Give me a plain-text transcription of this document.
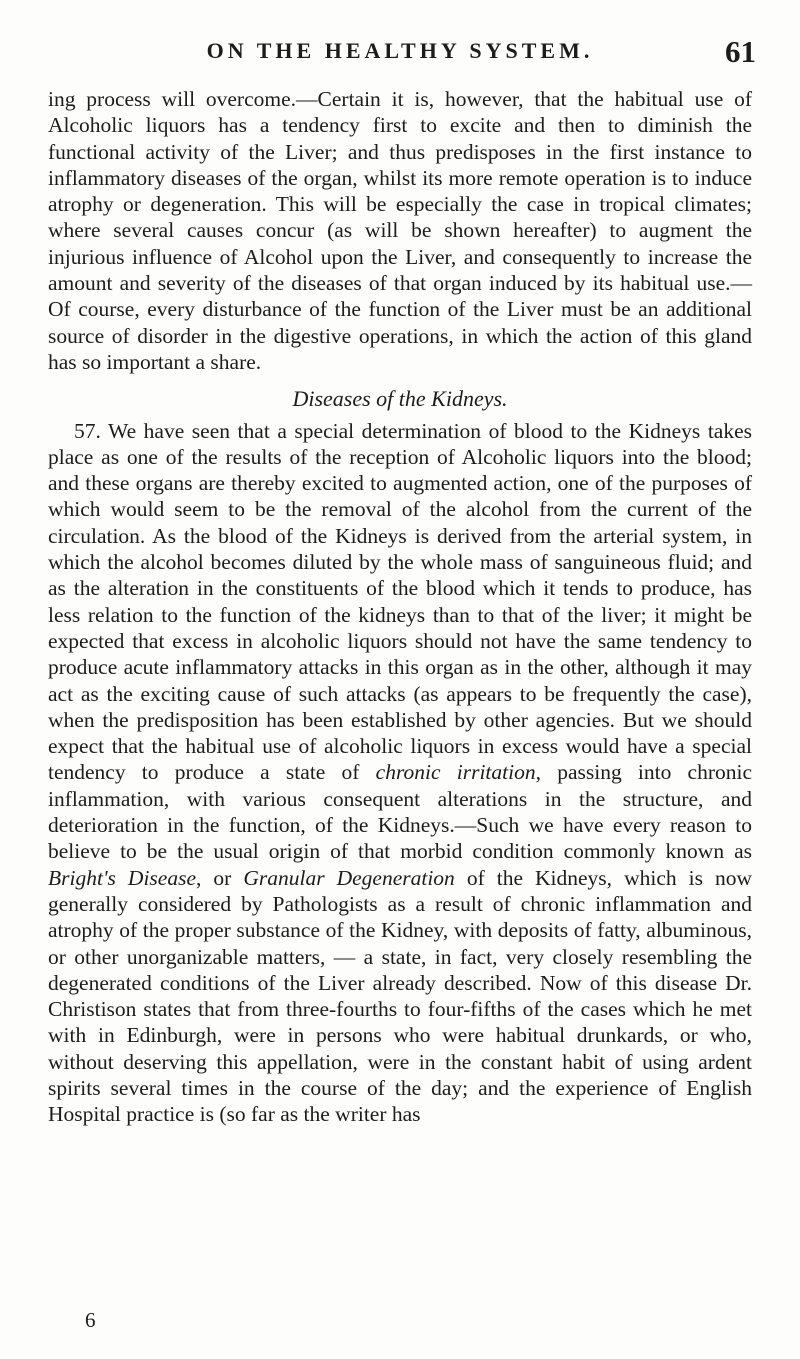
ON THE HEALTHY SYSTEM.	61

ing process will overcome.—Certain it is, however, that the habitual use of Alcoholic liquors has a tendency first to excite and then to diminish the functional activity of the Liver; and thus predisposes in the first instance to inflammatory diseases of the organ, whilst its more remote operation is to induce atrophy or degeneration. This will be especially the case in tropical climates; where several causes concur (as will be shown hereafter) to augment the injurious influence of Alcohol upon the Liver, and consequently to increase the amount and severity of the diseases of that organ induced by its habitual use.—Of course, every disturbance of the function of the Liver must be an additional source of disorder in the digestive operations, in which the action of this gland has so important a share.

Diseases of the Kidneys.

57. We have seen that a special determination of blood to the Kidneys takes place as one of the results of the reception of Alcoholic liquors into the blood; and these organs are thereby excited to augmented action, one of the purposes of which would seem to be the removal of the alcohol from the current of the circulation. As the blood of the Kidneys is derived from the arterial system, in which the alcohol becomes diluted by the whole mass of sanguineous fluid; and as the alteration in the constituents of the blood which it tends to produce, has less relation to the function of the kidneys than to that of the liver; it might be expected that excess in alcoholic liquors should not have the same tendency to produce acute inflammatory attacks in this organ as in the other, although it may act as the exciting cause of such attacks (as appears to be frequently the case), when the predisposition has been established by other agencies. But we should expect that the habitual use of alcoholic liquors in excess would have a special tendency to produce a state of chronic irritation, passing into chronic inflammation, with various consequent alterations in the structure, and deterioration in the function, of the Kidneys.—Such we have every reason to believe to be the usual origin of that morbid condition commonly known as Bright's Disease, or Granular Degeneration of the Kidneys, which is now generally considered by Pathologists as a result of chronic inflammation and atrophy of the proper substance of the Kidney, with deposits of fatty, albuminous, or other unorganizable matters, — a state, in fact, very closely resembling the degenerated conditions of the Liver already described. Now of this disease Dr. Christison states that from three-fourths to four-fifths of the cases which he met with in Edinburgh, were in persons who were habitual drunkards, or who, without deserving this appellation, were in the constant habit of using ardent spirits several times in the course of the day; and the experience of English Hospital practice is (so far as the writer has

6
